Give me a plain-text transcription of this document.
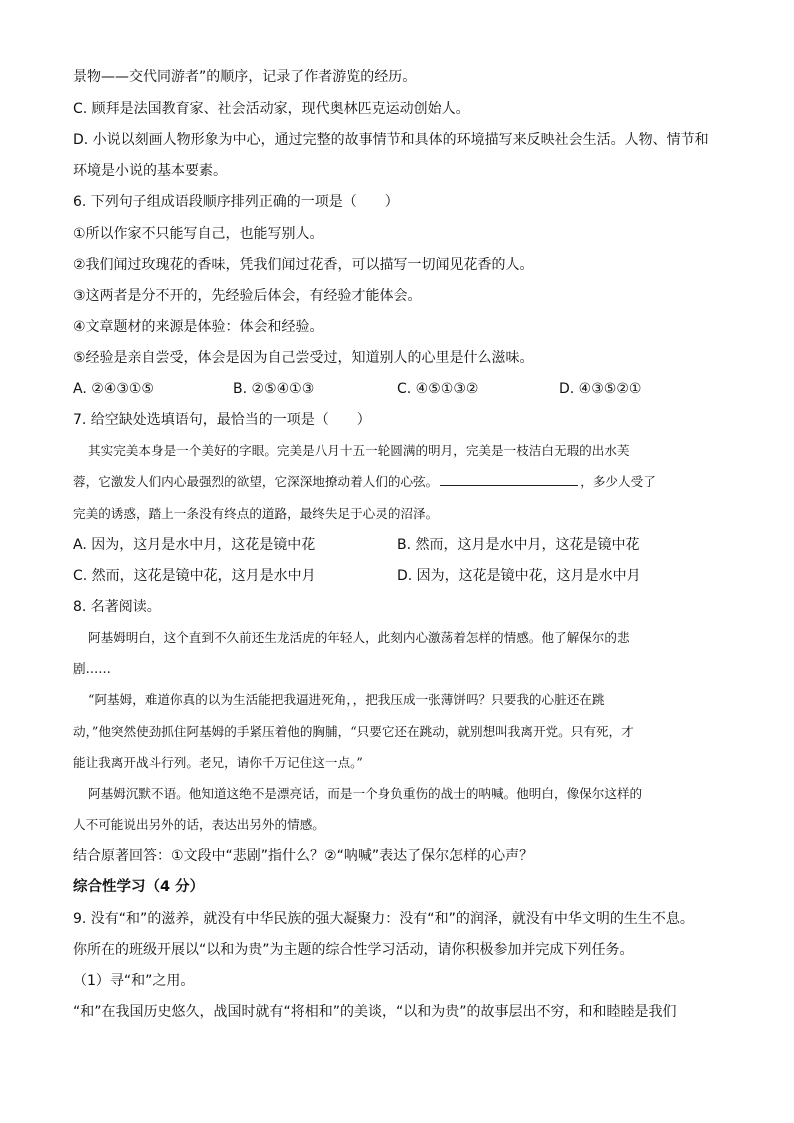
景物——交代同游者”的顺序，记录了作者游览的经历。
C. 顾拜是法国教育家、社会活动家，现代奥林匹克运动创始人。
D. 小说以刻画人物形象为中心，通过完整的故事情节和具体的环境描写来反映社会生活。人物、情节和
环境是小说的基本要素。
6. 下列句子组成语段顺序排列正确的一项是（　　）
①所以作家不只能写自己，也能写别人。
②我们闻过玫瑰花的香味，凭我们闻过花香，可以描写一切闻见花香的人。
③这两者是分不开的，先经验后体会，有经验才能体会。
④文章题材的来源是体验：体会和经验。
⑤经验是亲自尝受，体会是因为自己尝受过，知道别人的心里是什么滋味。
A. ②④③①⑤	B. ②⑤④①③	C. ④⑤①③②	D. ④③⑤②①
7. 给空缺处选填语句，最恰当的一项是（　　）
其实完美本身是一个美好的字眼。完美是八月十五一轮圆满的明月，完美是一枝洁白无瑕的出水芙
蓉，它激发人们内心最强烈的欲望，它深深地撩动着人们的心弦。	，多少人受了
完美的诱惑，踏上一条没有终点的道路，最终失足于心灵的沼泽。
A. 因为，这月是水中月，这花是镜中花	B. 然而，这月是水中月，这花是镜中花
C. 然而，这花是镜中花，这月是水中月	D. 因为，这花是镜中花，这月是水中月
8. 名著阅读。
阿基姆明白，这个直到不久前还生龙活虎的年轻人，此刻内心激荡着怎样的情感。他了解保尔的悲
剧……
“阿基姆，难道你真的以为生活能把我逼进死角，，把我压成一张薄饼吗？只要我的心脏还在跳
动，”他突然使劲抓住阿基姆的手紧压着他的胸脯，“只要它还在跳动，就别想叫我离开党。只有死，才
能让我离开战斗行列。老兄，请你千万记住这一点。”
阿基姆沉默不语。他知道这绝不是漂亮话，而是一个身负重伤的战士的呐喊。他明白，像保尔这样的
人不可能说出另外的话，表达出另外的情感。
结合原著回答：①文段中“悲剧”指什么？②“呐喊”表达了保尔怎样的心声？
综合性学习（4 分）
9. 没有“和”的滋养，就没有中华民族的强大凝聚力：没有“和”的润泽，就没有中华文明的生生不息。
你所在的班级开展以“以和为贵”为主题的综合性学习活动，请你积极参加并完成下列任务。
（1）寻“和”之用。
“和”在我国历史悠久，战国时就有“将相和”的美谈，“以和为贵”的故事层出不穷，和和睦睦是我们
